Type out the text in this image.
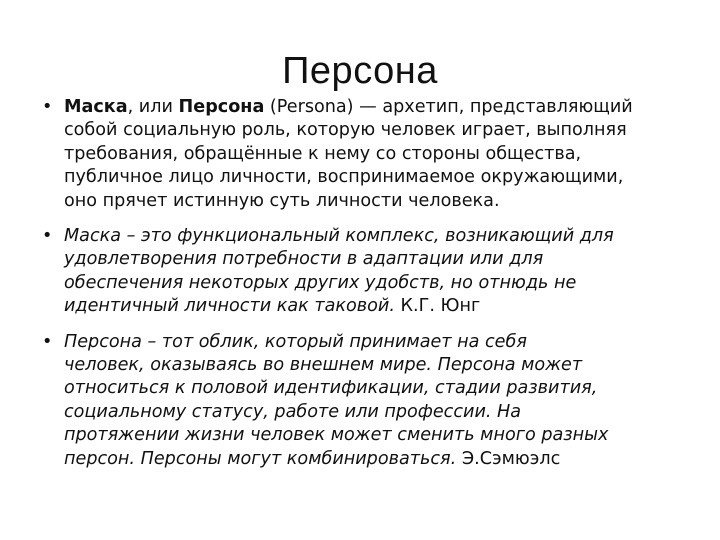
Персона
• Маска, или Персона (Persona) — архетип, представляющий
собой социальную роль, которую человек играет, выполняя
требования, обращённые к нему со стороны общества,
публичное лицо личности, воспринимаемое окружающими,
оно прячет истинную суть личности человека.
• Маска – это функциональный комплекс, возникающий для
удовлетворения потребности в адаптации или для
обеспечения некоторых других удобств, но отнюдь не
идентичный личности как таковой. К.Г. Юнг
• Персона – тот облик, который принимает на себя
человек, оказываясь во внешнем мире. Персона может
относиться к половой идентификации, стадии развития,
социальному статусу, работе или профессии. На
протяжении жизни человек может сменить много разных
персон. Персоны могут комбинироваться. Э.Сэмюэлс
